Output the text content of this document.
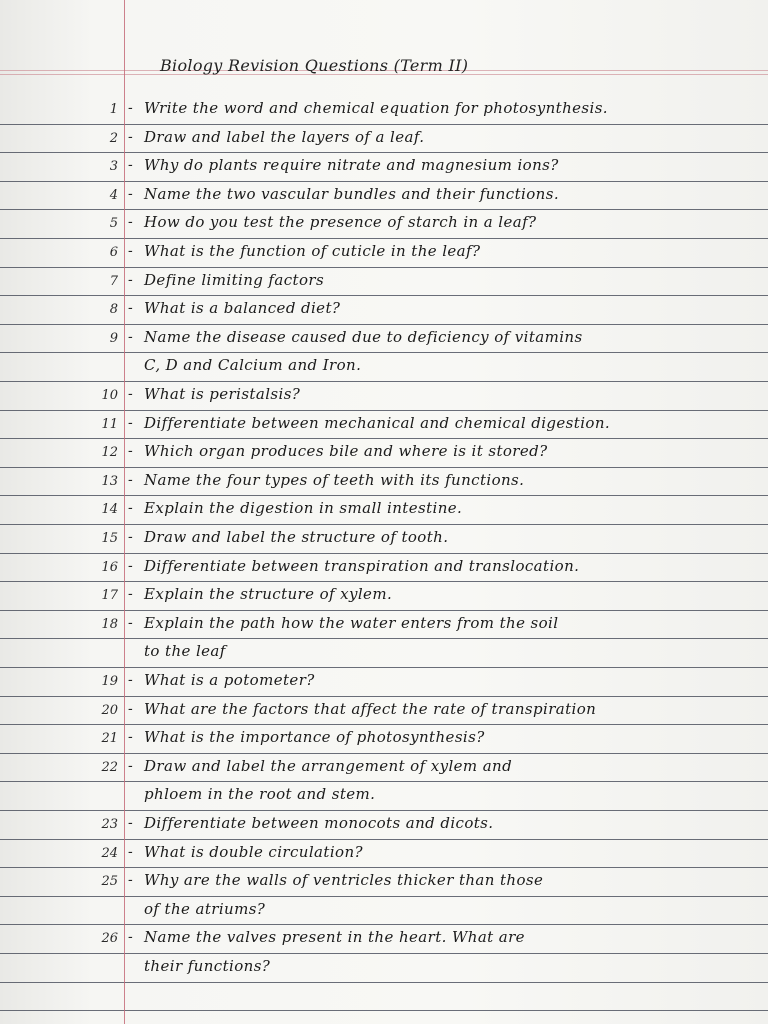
Biology Revision Questions (Term II)
1 - Write the word and chemical equation for photosynthesis.
2 - Draw and label the layers of a leaf.
3 - Why do plants require nitrate and magnesium ions?
4 - Name the two vascular bundles and their functions.
5 - How do you test the presence of starch in a leaf?
6 - What is the function of cuticle in the leaf?
7 - Define limiting factors
8 - What is a balanced diet?
9 - Name the disease caused due to deficiency of vitamins
C, D and Calcium and Iron.
10 - What is peristalsis?
11 - Differentiate between mechanical and chemical digestion.
12 - Which organ produces bile and where is it stored?
13 - Name the four types of teeth with its functions.
14 - Explain the digestion in small intestine.
15 - Draw and label the structure of tooth.
16 - Differentiate between transpiration and translocation.
17 - Explain the structure of xylem.
18 - Explain the path how the water enters from the soil
to the leaf
19 - What is a potometer?
20 - What are the factors that affect the rate of transpiration
21 - What is the importance of photosynthesis?
22 - Draw and label the arrangement of xylem and
phloem in the root and stem.
23 - Differentiate between monocots and dicots.
24 - What is double circulation?
25 - Why are the walls of ventricles thicker than those
of the atriums?
26 - Name the valves present in the heart. What are
their functions?
